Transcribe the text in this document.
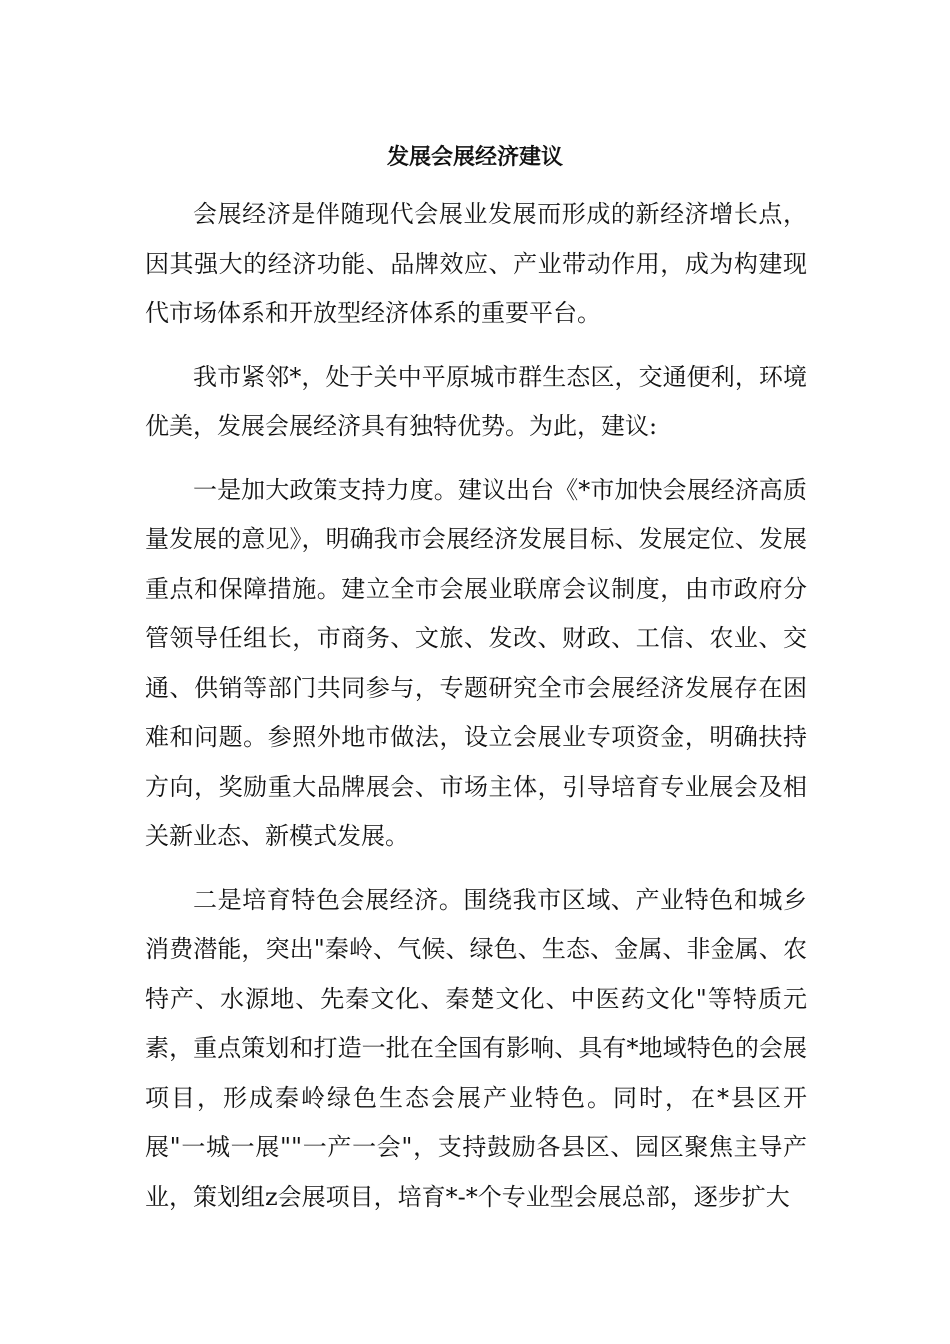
发展会展经济建议

会展经济是伴随现代会展业发展而形成的新经济增长点，因其强大的经济功能、品牌效应、产业带动作用，成为构建现代市场体系和开放型经济体系的重要平台。

我市紧邻*，处于关中平原城市群生态区，交通便利，环境优美，发展会展经济具有独特优势。为此，建议:

一是加大政策支持力度。建议出台《*市加快会展经济高质量发展的意见》，明确我市会展经济发展目标、发展定位、发展重点和保障措施。建立全市会展业联席会议制度，由市政府分管领导任组长，市商务、文旅、发改、财政、工信、农业、交通、供销等部门共同参与，专题研究全市会展经济发展存在困难和问题。参照外地市做法，设立会展业专项资金，明确扶持方向，奖励重大品牌展会、市场主体，引导培育专业展会及相关新业态、新模式发展。

二是培育特色会展经济。围绕我市区域、产业特色和城乡消费潜能，突出"秦岭、气候、绿色、生态、金属、非金属、农特产、水源地、先秦文化、秦楚文化、中医药文化"等特质元素，重点策划和打造一批在全国有影响、具有*地域特色的会展项目，形成秦岭绿色生态会展产业特色。同时，在*县区开展"一城一展""一产一会"，支持鼓励各县区、园区聚焦主导产业，策划组z会展项目，培育*-*个专业型会展总部，逐步扩大
